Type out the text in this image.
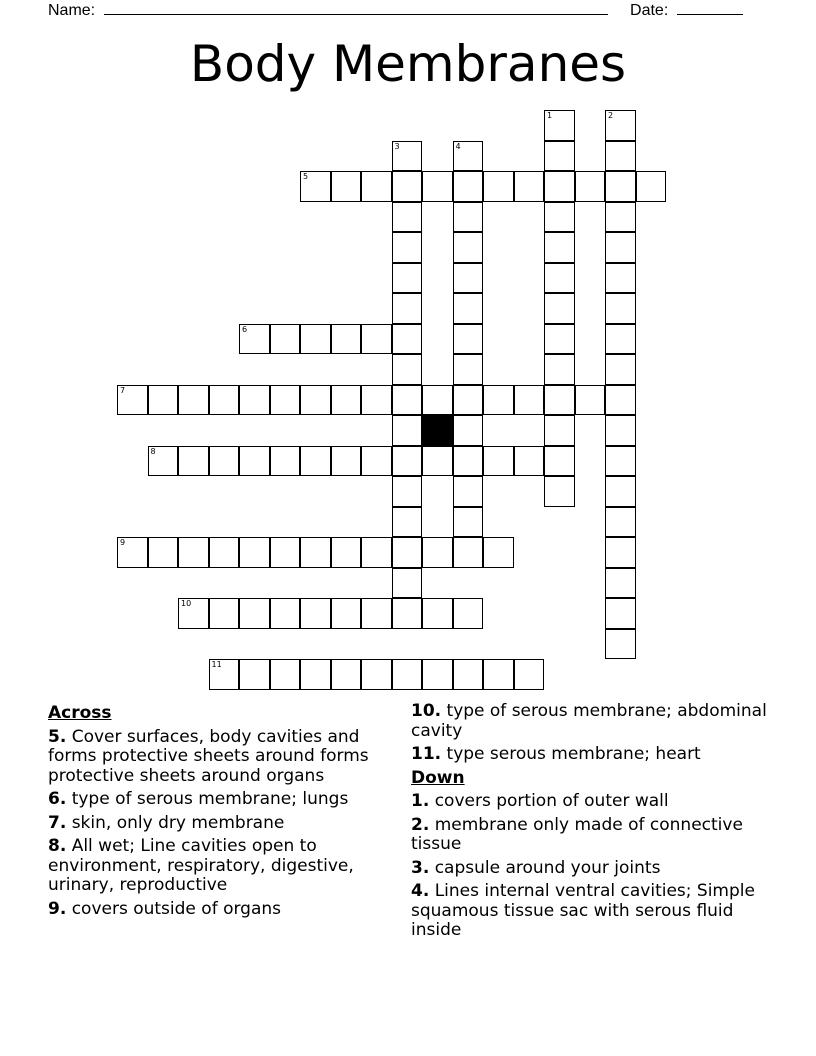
Name:	Date:
Body Membranes
1	2
3	4
5
6
7
8
9
10
11
Across
5. Cover surfaces, body cavities and forms protective sheets around forms protective sheets around organs
6. type of serous membrane; lungs
7. skin, only dry membrane
8. All wet; Line cavities open to environment, respiratory, digestive, urinary, reproductive
9. covers outside of organs
10. type of serous membrane; abdominal cavity
11. type serous membrane; heart
Down
1. covers portion of outer wall
2. membrane only made of connective tissue
3. capsule around your joints
4. Lines internal ventral cavities; Simple squamous tissue sac with serous fluid inside
